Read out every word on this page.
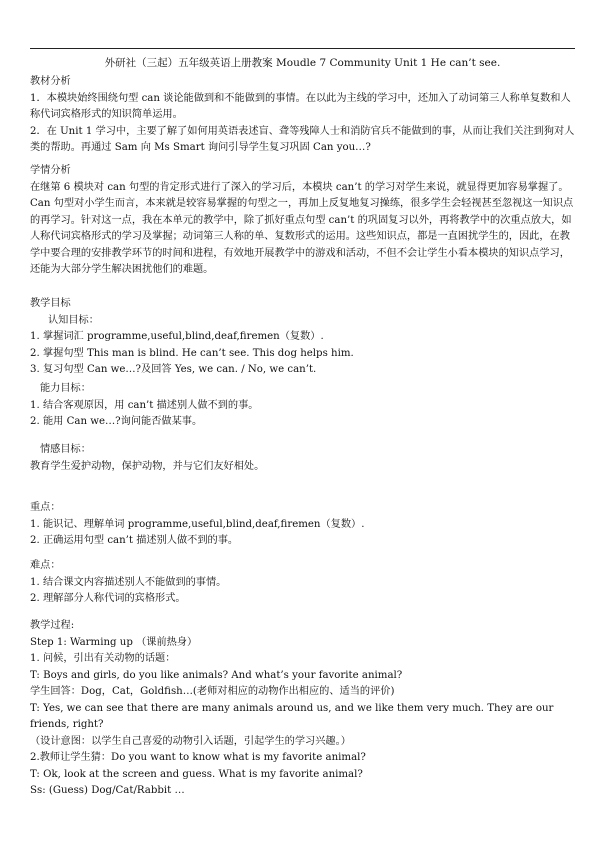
外研社（三起）五年级英语上册教案 Moudle 7 Community Unit 1 He can’t see.
教材分析
1．本模块始终围绕句型 can 谈论能做到和不能做到的事情。在以此为主线的学习中，还加入了动词第三人称单复数和人称代词宾格形式的知识简单运用。
2．在 Unit 1 学习中，主要了解了如何用英语表述盲、聋等残障人士和消防官兵不能做到的事，从而让我们关注到狗对人类的帮助。再通过 Sam 向 Ms Smart 询问引导学生复习巩固 Can you…?
学情分析
在继第 6 模块对 can 句型的肯定形式进行了深入的学习后，本模块 can’t 的学习对学生来说，就显得更加容易掌握了。Can 句型对小学生而言，本来就是较容易掌握的句型之一，再加上反复地复习操练，很多学生会轻视甚至忽视这一知识点的再学习。针对这一点，我在本单元的教学中，除了抓好重点句型 can’t 的巩固复习以外，再将教学中的次重点放大，如人称代词宾格形式的学习及掌握；动词第三人称的单、复数形式的运用。这些知识点，都是一直困扰学生的，因此，在教学中要合理的安排教学环节的时间和进程，有效地开展教学中的游戏和活动，不但不会让学生小看本模块的知识点学习，还能为大部分学生解决困扰他们的难题。
教学目标
认知目标：
1. 掌握词汇 programme,useful,blind,deaf,firemen（复数）.
2. 掌握句型 This man is blind. He can’t see. This dog helps him.
3. 复习句型 Can we…?及回答 Yes, we can. / No, we can’t.
能力目标：
1. 结合客观原因，用 can’t 描述别人做不到的事。
2. 能用 Can we…?询问能否做某事。
情感目标：
教育学生爱护动物，保护动物，并与它们友好相处。
重点：
1. 能识记、理解单词 programme,useful,blind,deaf,firemen（复数）.
2. 正确运用句型 can’t 描述别人做不到的事。
难点：
1. 结合课文内容描述别人不能做到的事情。
2. 理解部分人称代词的宾格形式。
教学过程:
Step 1: Warming up （课前热身）
1. 问候，引出有关动物的话题：
T: Boys and girls, do you like animals? And what’s your favorite animal?
学生回答：Dog，Cat，Goldfish…(老师对相应的动物作出相应的、适当的评价)
T: Yes, we can see that there are many animals around us, and we like them very much. They are our friends, right?
（设计意图：以学生自己喜爱的动物引入话题，引起学生的学习兴趣。）
2.教师让学生猜：Do you want to know what is my favorite animal?
T: Ok, look at the screen and guess. What is my favorite animal?
Ss: (Guess) Dog/Cat/Rabbit …
